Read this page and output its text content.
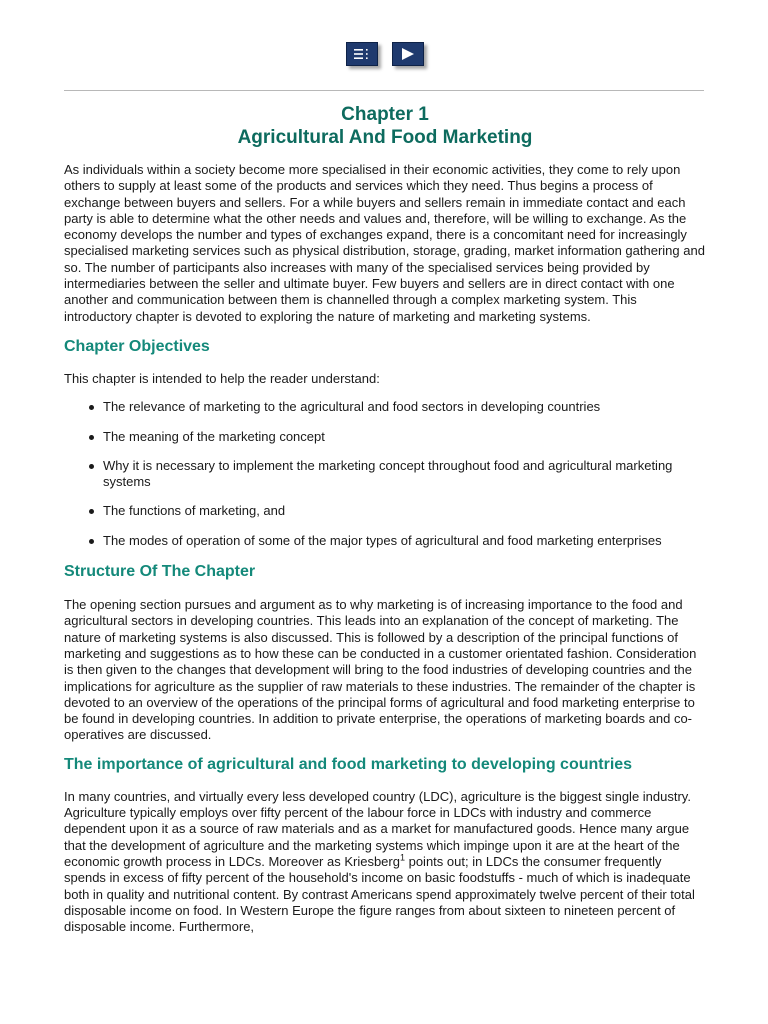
Chapter 1
Agricultural And Food Marketing

As individuals within a society become more specialised in their economic activities, they come to rely upon others to supply at least some of the products and services which they need. Thus begins a process of exchange between buyers and sellers. For a while buyers and sellers remain in immediate contact and each party is able to determine what the other needs and values and, therefore, will be willing to exchange. As the economy develops the number and types of exchanges expand, there is a concomitant need for increasingly specialised marketing services such as physical distribution, storage, grading, market information gathering and so. The number of participants also increases with many of the specialised services being provided by intermediaries between the seller and ultimate buyer. Few buyers and sellers are in direct contact with one another and communication between them is channelled through a complex marketing system. This introductory chapter is devoted to exploring the nature of marketing and marketing systems.

Chapter Objectives

This chapter is intended to help the reader understand:

The relevance of marketing to the agricultural and food sectors in developing countries
The meaning of the marketing concept
Why it is necessary to implement the marketing concept throughout food and agricultural marketing systems
The functions of marketing, and
The modes of operation of some of the major types of agricultural and food marketing enterprises
Structure Of The Chapter

The opening section pursues and argument as to why marketing is of increasing importance to the food and agricultural sectors in developing countries. This leads into an explanation of the concept of marketing. The nature of marketing systems is also discussed. This is followed by a description of the principal functions of marketing and suggestions as to how these can be conducted in a customer orientated fashion. Consideration is then given to the changes that development will bring to the food industries of developing countries and the implications for agriculture as the supplier of raw materials to these industries. The remainder of the chapter is devoted to an overview of the operations of the principal forms of agricultural and food marketing enterprise to be found in developing countries. In addition to private enterprise, the operations of marketing boards and co-operatives are discussed.

The importance of agricultural and food marketing to developing countries

In many countries, and virtually every less developed country (LDC), agriculture is the biggest single industry. Agriculture typically employs over fifty percent of the labour force in LDCs with industry and commerce dependent upon it as a source of raw materials and as a market for manufactured goods. Hence many argue that the development of agriculture and the marketing systems which impinge upon it are at the heart of the economic growth process in LDCs. Moreover as Kriesberg$^1$ points out; in LDCs the consumer frequently spends in excess of fifty percent of the household's income on basic foodstuffs - much of which is inadequate both in quality and nutritional content. By contrast Americans spend approximately twelve percent of their total disposable income on food. In Western Europe the figure ranges from about sixteen to nineteen percent of disposable income. Furthermore,
